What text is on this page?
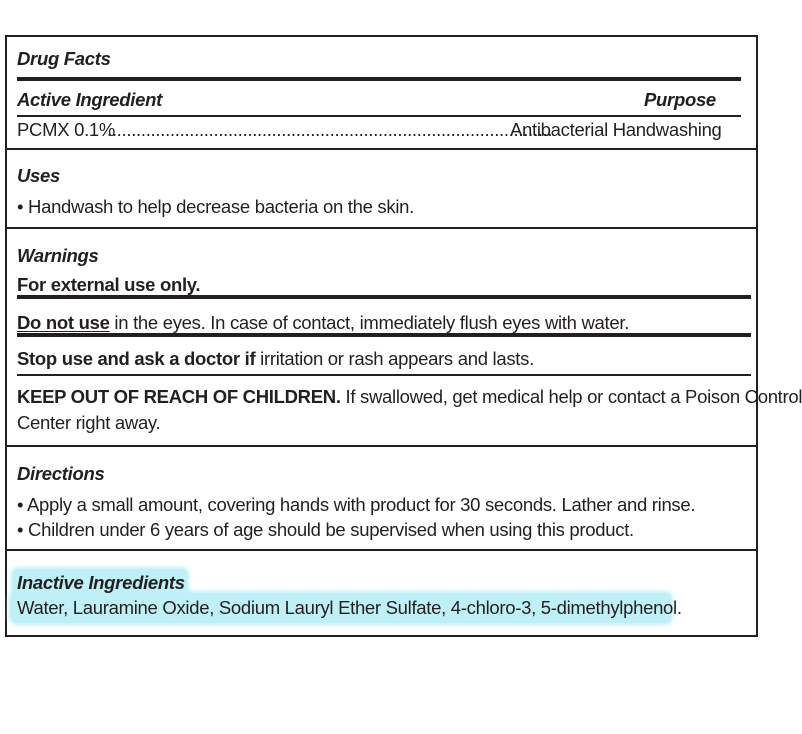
Drug Facts
Active Ingredient	Purpose
PCMX 0.1%
............................................................................................
Antibacterial Handwashing
Uses
• Handwash to help decrease bacteria on the skin.
Warnings
For external use only.
Do not use in the eyes. In case of contact, immediately flush eyes with water.
Stop use and ask a doctor if irritation or rash appears and lasts.
KEEP OUT OF REACH OF CHILDREN. If swallowed, get medical help or contact a Poison Control
Center right away.
Directions
• Apply a small amount, covering hands with product for 30 seconds. Lather and rinse.
• Children under 6 years of age should be supervised when using this product.
Inactive Ingredients
Water, Lauramine Oxide, Sodium Lauryl Ether Sulfate, 4-chloro-3, 5-dimethylphenol.
